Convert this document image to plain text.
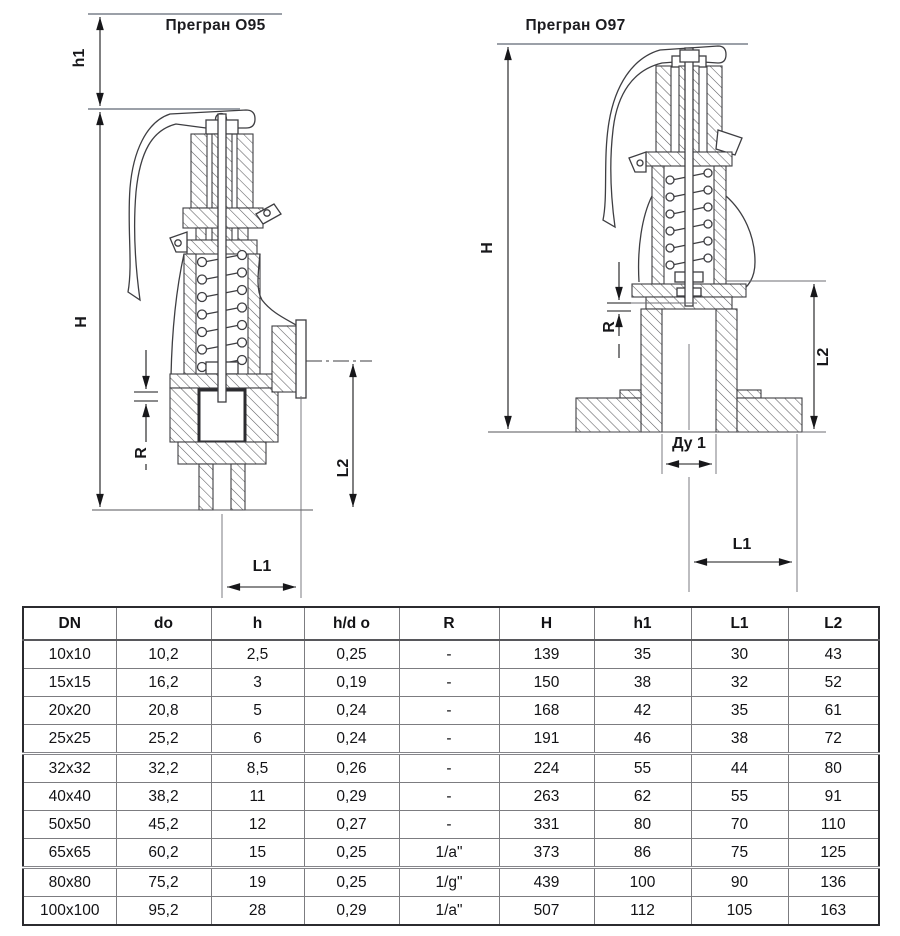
Прегран О95	Прегран О97
h1
H
R
L2
L1
H
R
L2
Ду 1
L1
DN	do	h	h/d o	R	H	h1	L1	L2
10x10	10,2	2,5	0,25	-	139	35	30	43
15x15	16,2	3	0,19	-	150	38	32	52
20x20	20,8	5	0,24	-	168	42	35	61
25x25	25,2	6	0,24	-	191	46	38	72
32x32	32,2	8,5	0,26	-	224	55	44	80
40x40	38,2	11	0,29	-	263	62	55	91
50x50	45,2	12	0,27	-	331	80	70	110
65x65	60,2	15	0,25	1/a"	373	86	75	125
80x80	75,2	19	0,25	1/g"	439	100	90	136
100x100	95,2	28	0,29	1/a"	507	112	105	163
